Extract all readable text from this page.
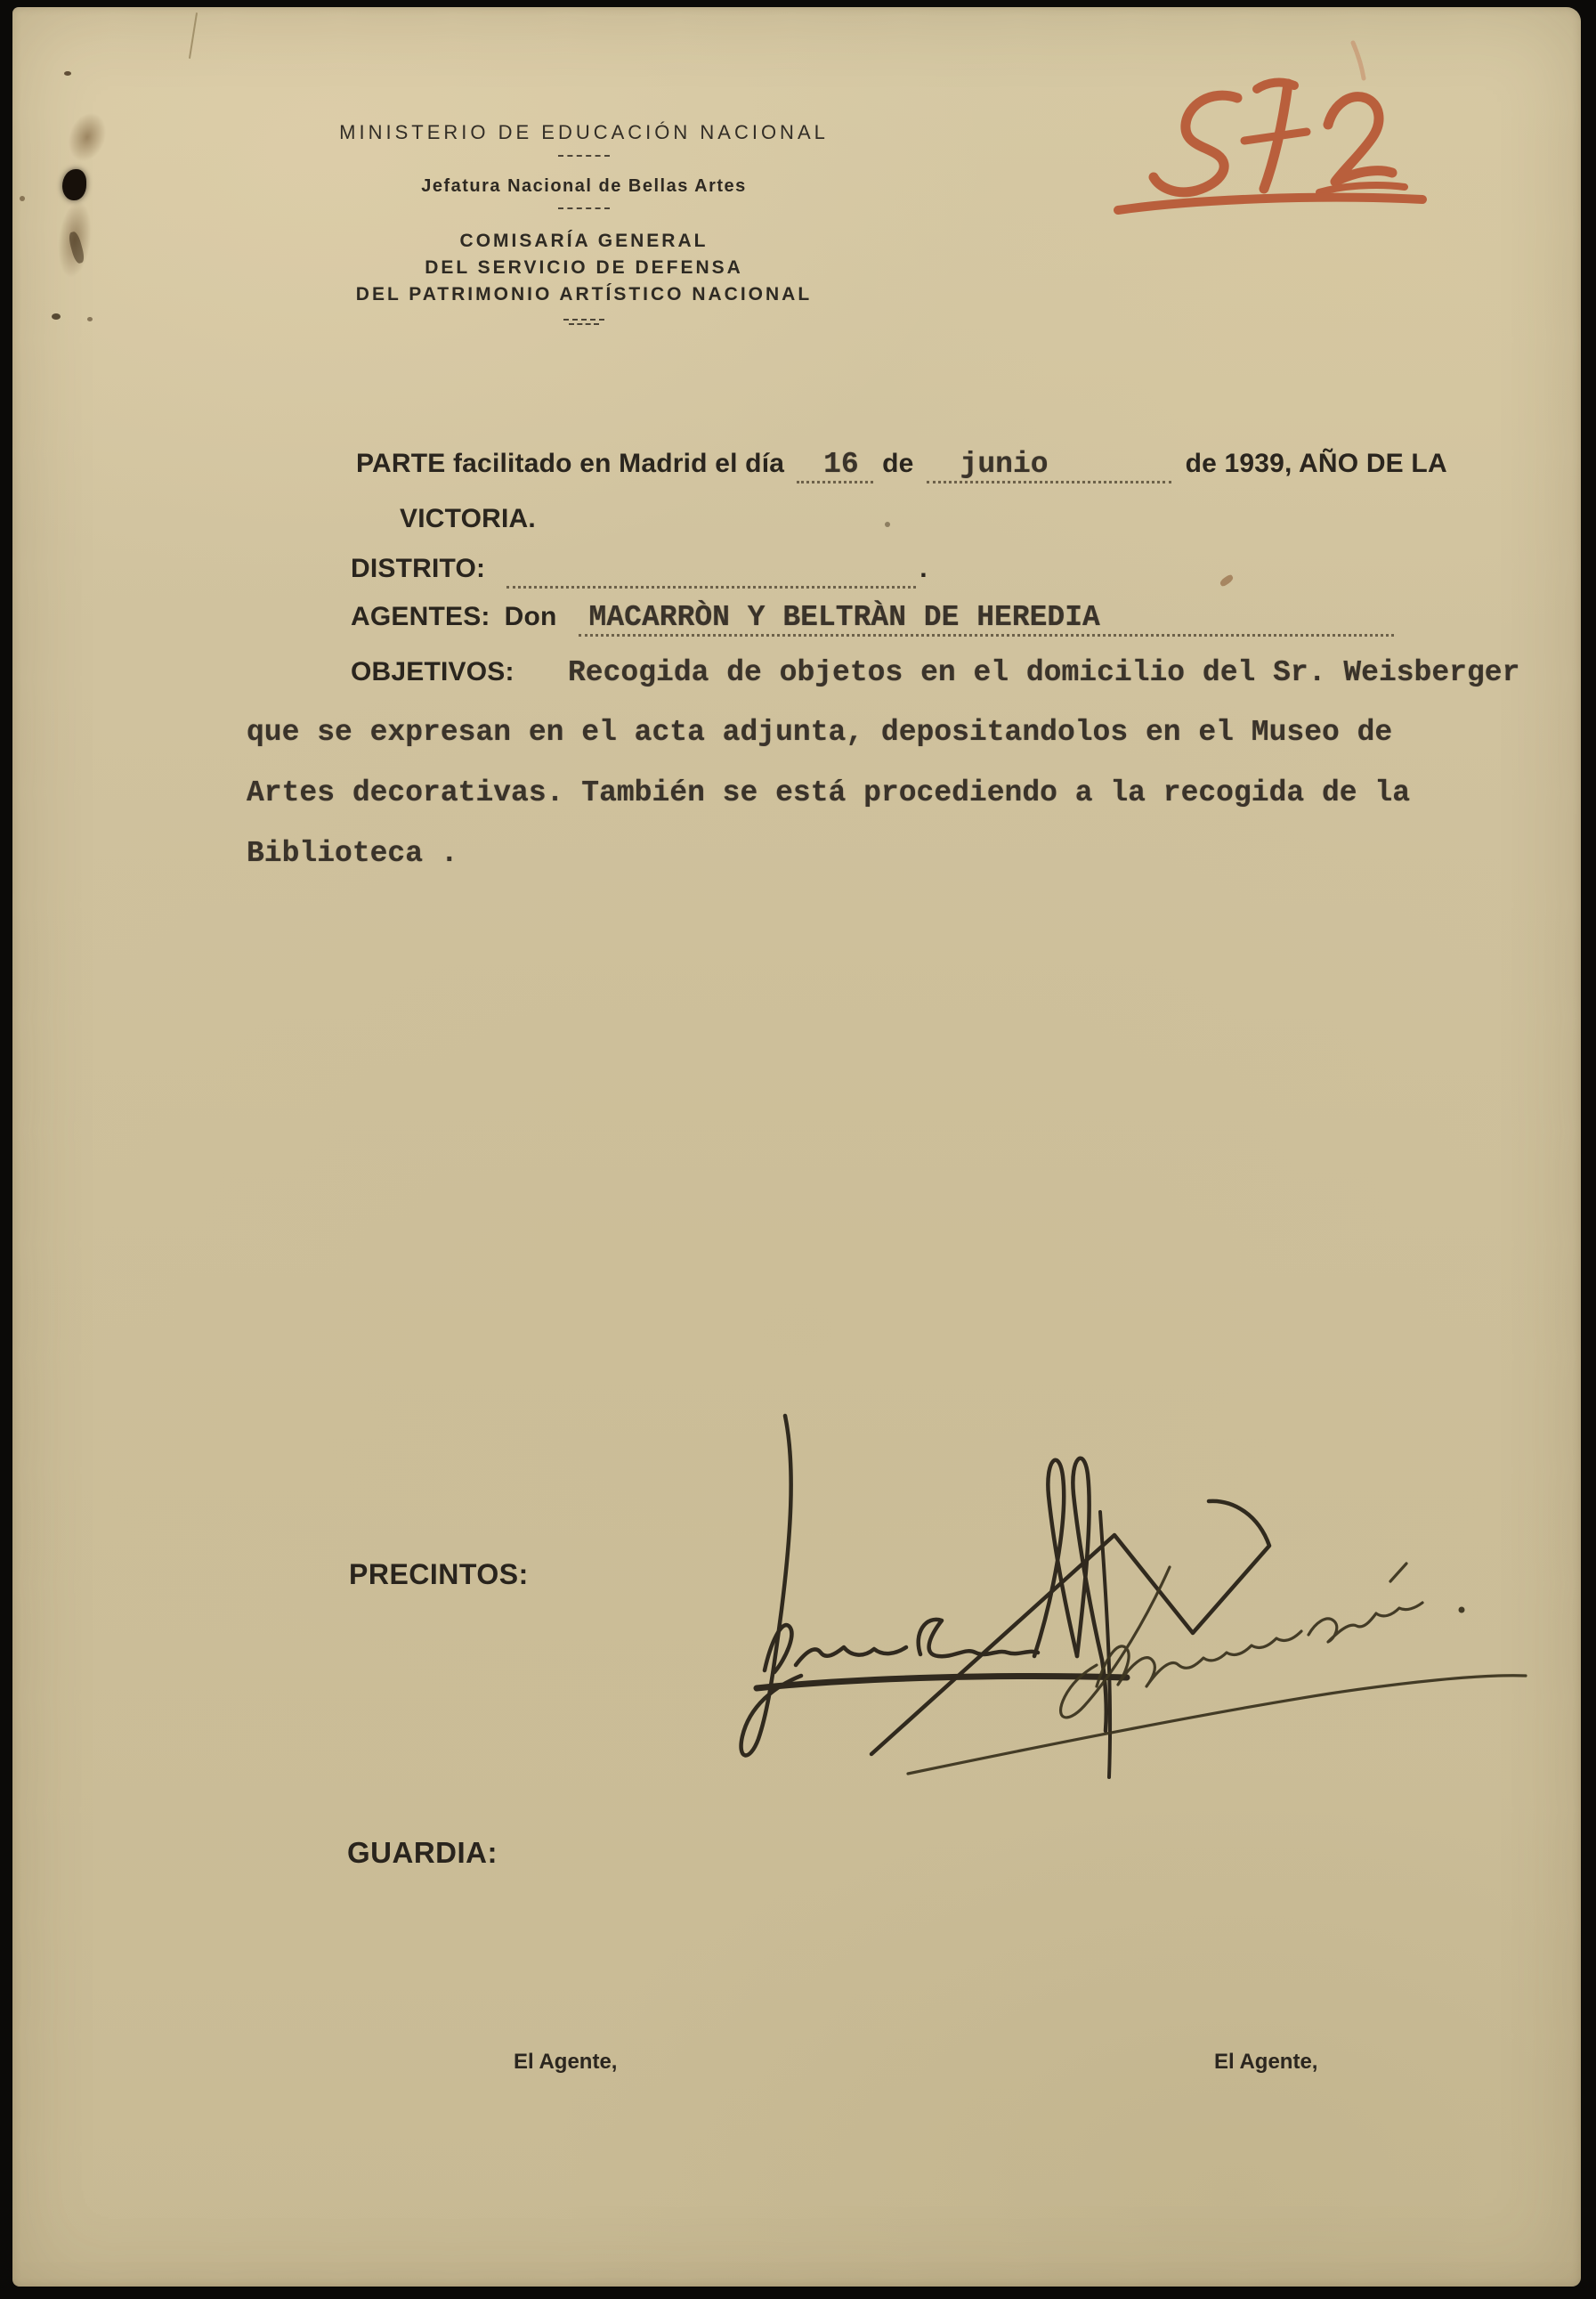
MINISTERIO DE EDUCACIÓN NACIONAL
Jefatura Nacional de Bellas Artes
COMISARÍA GENERAL
DEL SERVICIO DE DEFENSA
DEL PATRIMONIO ARTÍSTICO NACIONAL
PARTE facilitado en Madrid el día	16 de	junio	de 1939, AÑO DE LA
VICTORIA.
DISTRITO:
	.
AGENTES: Don	MACARRÒN Y BELTRÀN DE HEREDIA
OBJETIVOS: Recogida de objetos en el domicilio del Sr. Weisberger
que se expresan en el acta adjunta, depositandolos en el Museo de
Artes decorativas. También se está procediendo a la recogida de la
Biblioteca .
PRECINTOS:
GUARDIA:
El Agente,	El Agente,
